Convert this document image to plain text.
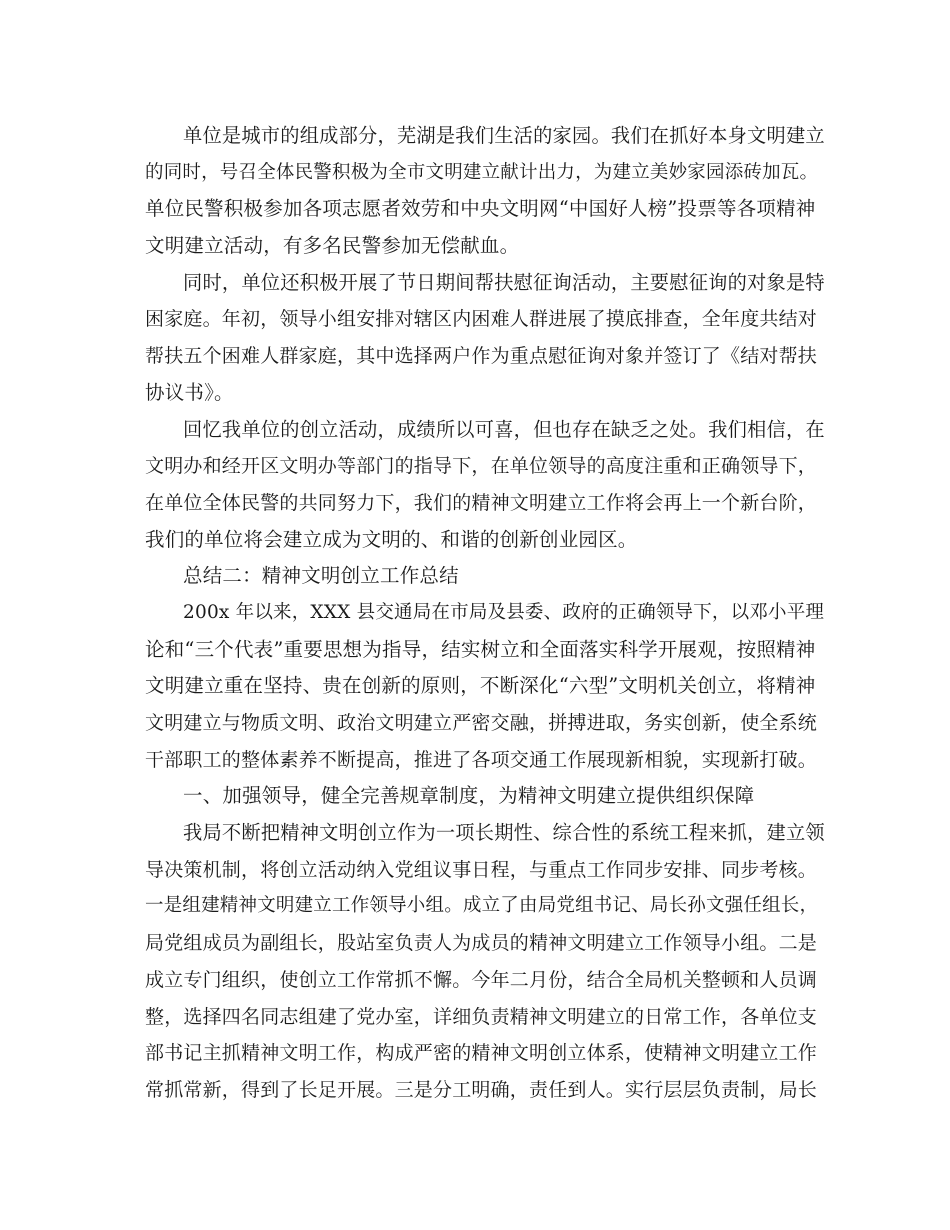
单位是城市的组成部分，芜湖是我们生活的家园。我们在抓好本身文明建立
的同时，号召全体民警积极为全市文明建立献计出力，为建立美妙家园添砖加瓦。
单位民警积极参加各项志愿者效劳和中央文明网“中国好人榜”投票等各项精神
文明建立活动，有多名民警参加无偿献血。
同时，单位还积极开展了节日期间帮扶慰征询活动，主要慰征询的对象是特
困家庭。年初，领导小组安排对辖区内困难人群进展了摸底排查，全年度共结对
帮扶五个困难人群家庭，其中选择两户作为重点慰征询对象并签订了《结对帮扶
协议书》。
回忆我单位的创立活动，成绩所以可喜，但也存在缺乏之处。我们相信，在
文明办和经开区文明办等部门的指导下，在单位领导的高度注重和正确领导下，
在单位全体民警的共同努力下，我们的精神文明建立工作将会再上一个新台阶，
我们的单位将会建立成为文明的、和谐的创新创业园区。
总结二：精神文明创立工作总结
200x 年以来，XXX 县交通局在市局及县委、政府的正确领导下，以邓小平理
论和“三个代表”重要思想为指导，结实树立和全面落实科学开展观，按照精神
文明建立重在坚持、贵在创新的原则，不断深化“六型”文明机关创立，将精神
文明建立与物质文明、政治文明建立严密交融，拼搏进取，务实创新，使全系统
干部职工的整体素养不断提高，推进了各项交通工作展现新相貌，实现新打破。
一、加强领导，健全完善规章制度，为精神文明建立提供组织保障
我局不断把精神文明创立作为一项长期性、综合性的系统工程来抓，建立领
导决策机制，将创立活动纳入党组议事日程，与重点工作同步安排、同步考核。
一是组建精神文明建立工作领导小组。成立了由局党组书记、局长孙文强任组长，
局党组成员为副组长，股站室负责人为成员的精神文明建立工作领导小组。二是
成立专门组织，使创立工作常抓不懈。今年二月份，结合全局机关整顿和人员调
整，选择四名同志组建了党办室，详细负责精神文明建立的日常工作，各单位支
部书记主抓精神文明工作，构成严密的精神文明创立体系，使精神文明建立工作
常抓常新，得到了长足开展。三是分工明确，责任到人。实行层层负责制，局长
